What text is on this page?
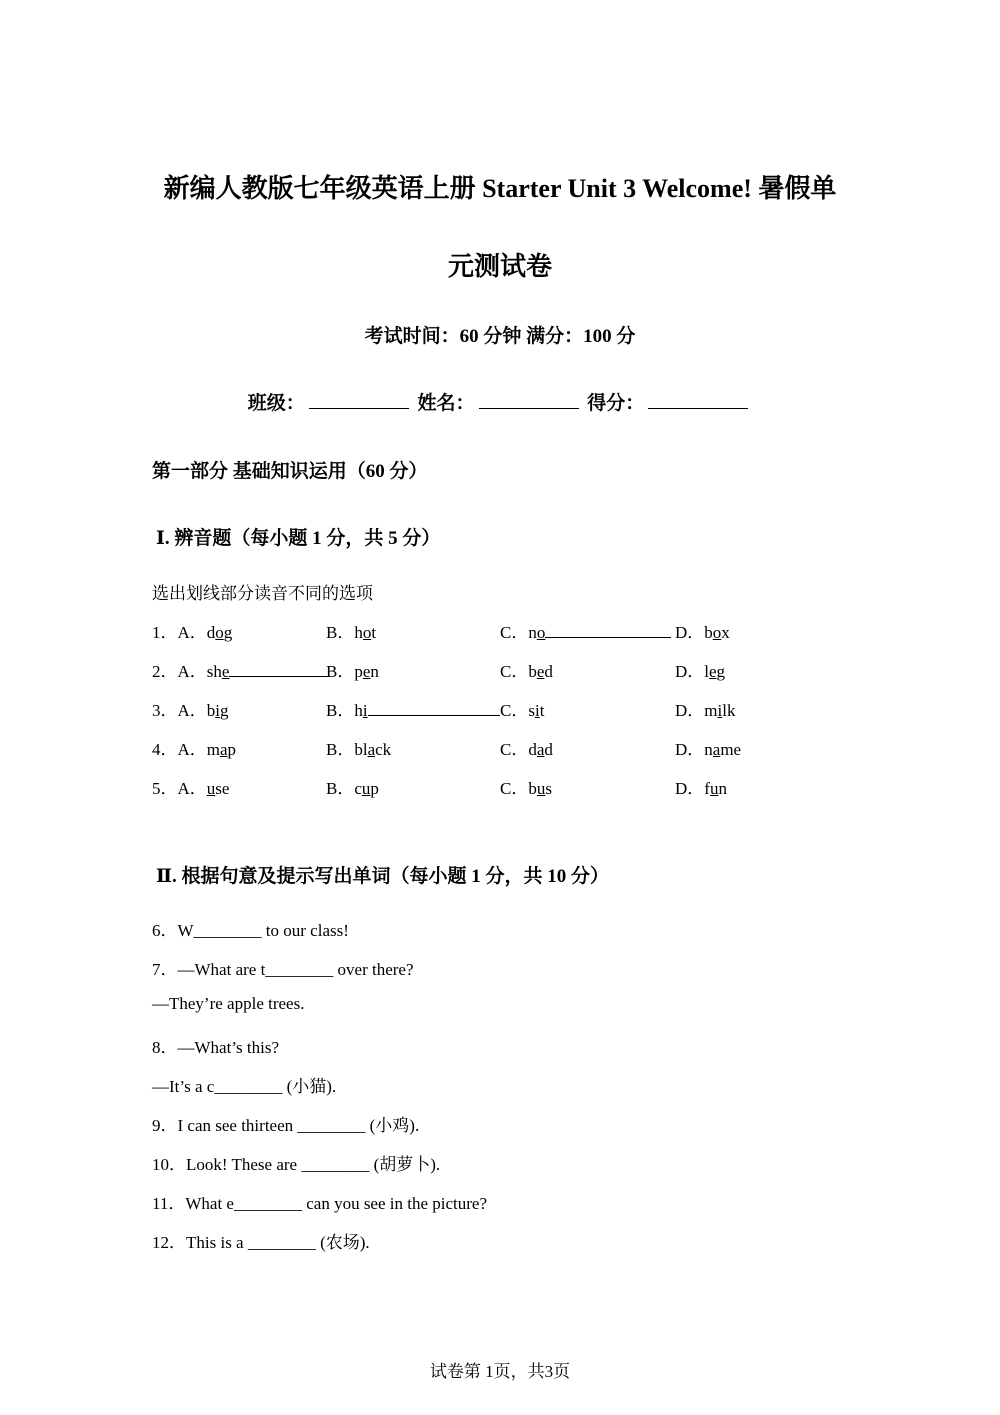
新编人教版七年级英语上册 Starter Unit 3 Welcome! 暑假单
元测试卷
考试时间：60 分钟 满分：100 分
班级：	姓名：	得分：
第一部分 基础知识运用（60 分）
Ⅰ. 辨音题（每小题 1 分，共 5 分）
选出划线部分读音不同的选项
1．A．dog	B．hot	C．no	D．box
2．A．she	B．pen	C．bed	D．leg
3．A．big	B．hi	C．sit	D．milk
4．A．map	B．black	C．dad	D．name
5．A．use	B．cup	C．bus	D．fun
Ⅱ. 根据句意及提示写出单词（每小题 1 分，共 10 分）
6．W________ to our class!
7．—What are t________ over there?
—They’re apple trees.
8．—What’s this?
—It’s a c________ (小猫).
9．I can see thirteen ________ (小鸡).
10．Look! These are ________ (胡萝卜).
11．What e________ can you see in the picture?
12．This is a ________ (农场).
试卷第 1页，共3页
